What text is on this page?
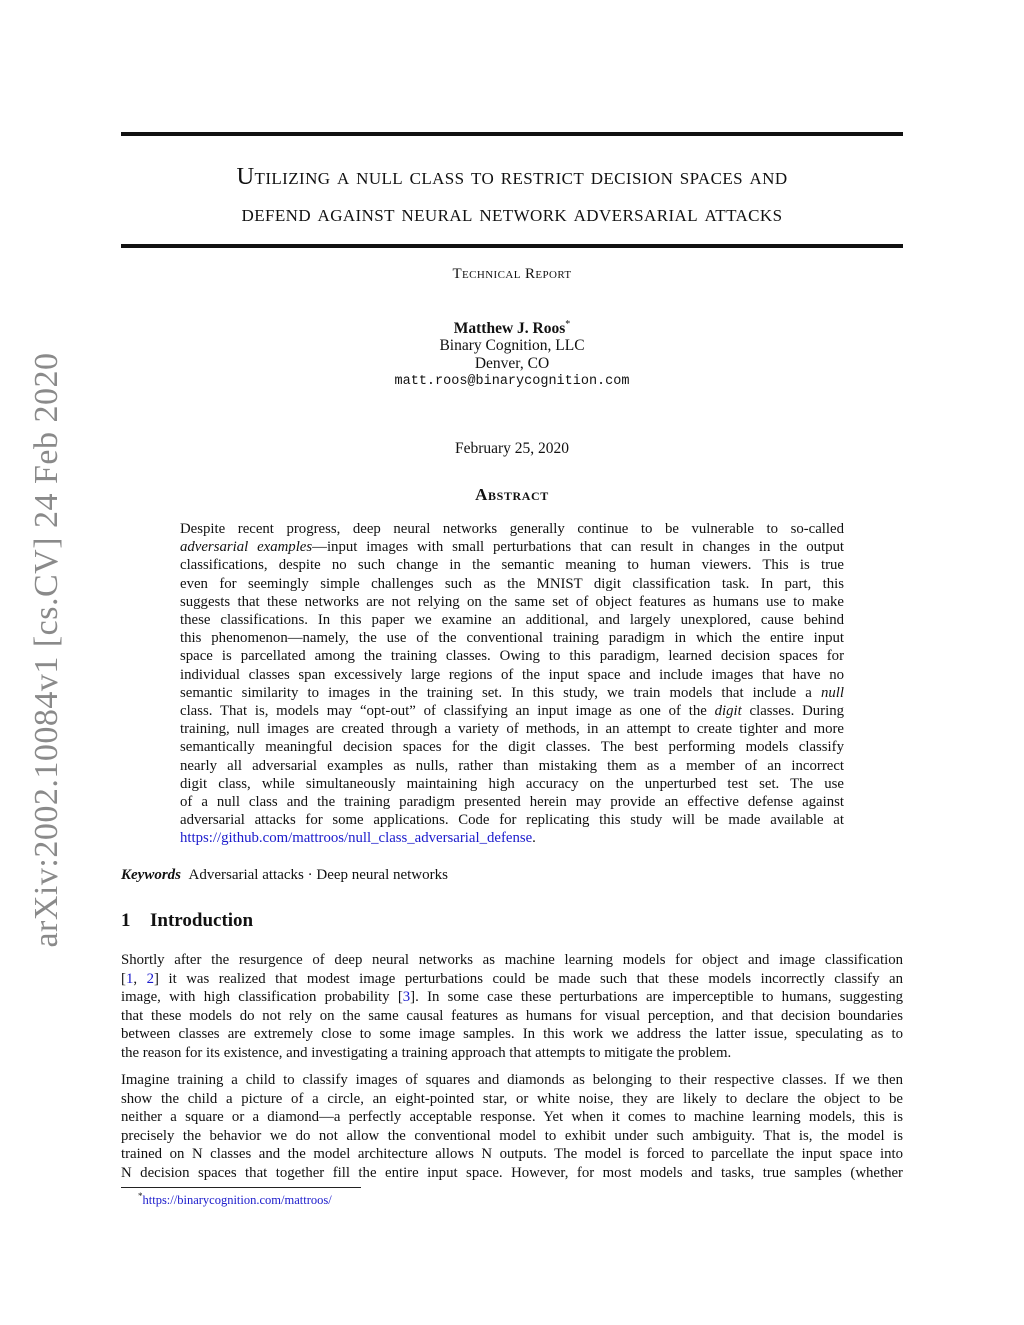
Utilizing a null class to restrict decision spaces and
defend against neural network adversarial attacks
arXiv:2002.10084v1 [cs.CV] 24 Feb 2020
Technical Report
Matthew J. Roos*
Binary Cognition, LLC
Denver, CO
matt.roos@binarycognition.com
February 25, 2020
Abstract
Despite recent progress, deep neural networks generally continue to be vulnerable to so-called
adversarial examples—input images with small perturbations that can result in changes in the output
classifications, despite no such change in the semantic meaning to human viewers. This is true
even for seemingly simple challenges such as the MNIST digit classification task. In part, this
suggests that these networks are not relying on the same set of object features as humans use to make
these classifications. In this paper we examine an additional, and largely unexplored, cause behind
this phenomenon—namely, the use of the conventional training paradigm in which the entire input
space is parcellated among the training classes. Owing to this paradigm, learned decision spaces for
individual classes span excessively large regions of the input space and include images that have no
semantic similarity to images in the training set. In this study, we train models that include a null
class. That is, models may “opt-out” of classifying an input image as one of the digit classes. During
training, null images are created through a variety of methods, in an attempt to create tighter and more
semantically meaningful decision spaces for the digit classes. The best performing models classify
nearly all adversarial examples as nulls, rather than mistaking them as a member of an incorrect
digit class, while simultaneously maintaining high accuracy on the unperturbed test set. The use
of a null class and the training paradigm presented herein may provide an effective defense against
adversarial attacks for some applications. Code for replicating this study will be made available at
https://github.com/mattroos/null_class_adversarial_defense.
Keywords Adversarial attacks · Deep neural networks
1 Introduction
Shortly after the resurgence of deep neural networks as machine learning models for object and image classification
[1, 2] it was realized that modest image perturbations could be made such that these models incorrectly classify an
image, with high classification probability [3]. In some case these perturbations are imperceptible to humans, suggesting
that these models do not rely on the same causal features as humans for visual perception, and that decision boundaries
between classes are extremely close to some image samples. In this work we address the latter issue, speculating as to
the reason for its existence, and investigating a training approach that attempts to mitigate the problem.
Imagine training a child to classify images of squares and diamonds as belonging to their respective classes. If we then
show the child a picture of a circle, an eight-pointed star, or white noise, they are likely to declare the object to be
neither a square or a diamond—a perfectly acceptable response. Yet when it comes to machine learning models, this is
precisely the behavior we do not allow the conventional model to exhibit under such ambiguity. That is, the model is
trained on N classes and the model architecture allows N outputs. The model is forced to parcellate the input space into
N decision spaces that together fill the entire input space. However, for most models and tasks, true samples (whether
*https://binarycognition.com/mattroos/
